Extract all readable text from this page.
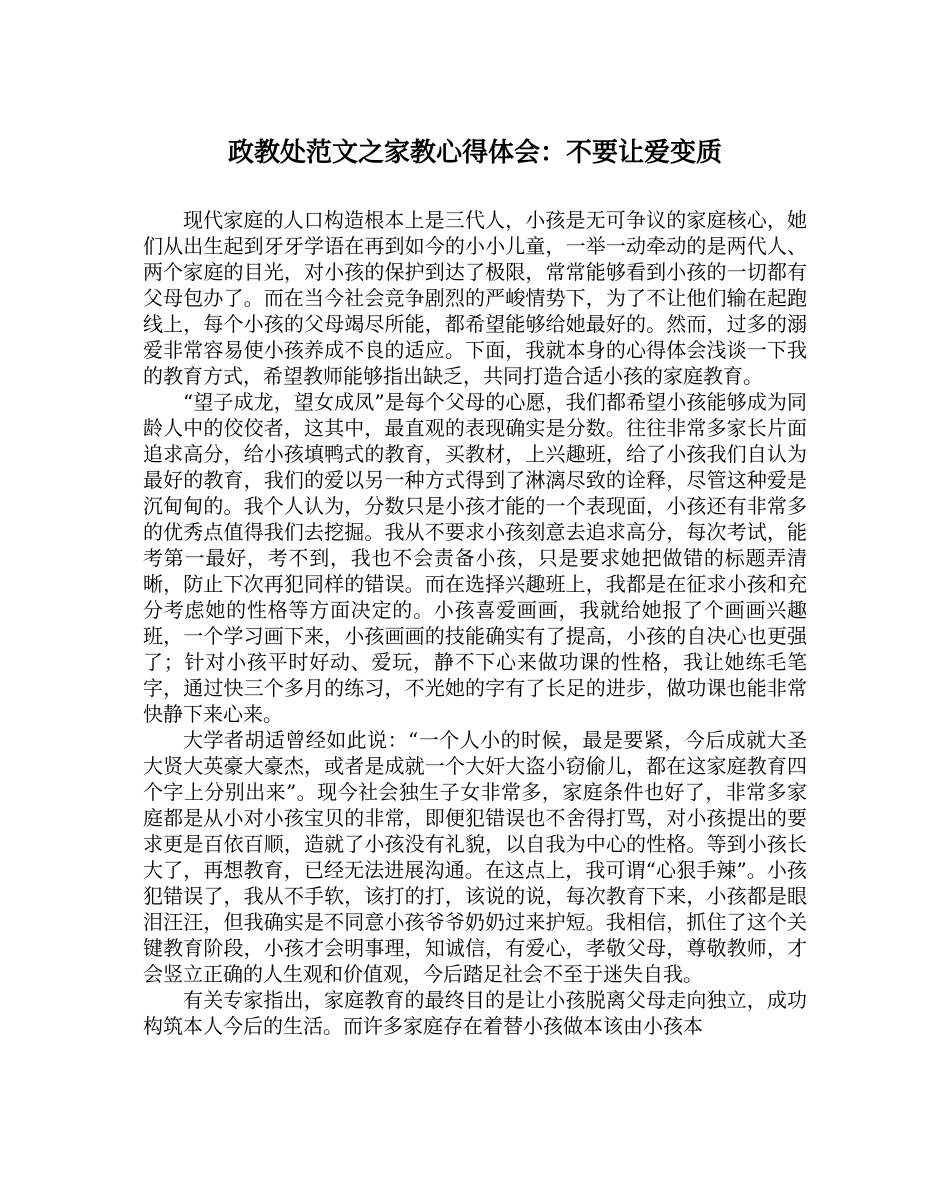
政教处范文之家教心得体会：不要让爱变质

现代家庭的人口构造根本上是三代人，小孩是无可争议的家庭核心，她们从出生起到牙牙学语在再到如今的小小儿童，一举一动牵动的是两代人、两个家庭的目光，对小孩的保护到达了极限，常常能够看到小孩的一切都有父母包办了。而在当今社会竞争剧烈的严峻情势下，为了不让他们输在起跑线上，每个小孩的父母竭尽所能，都希望能够给她最好的。然而，过多的溺爱非常容易使小孩养成不良的适应。下面，我就本身的心得体会浅谈一下我的教育方式，希望教师能够指出缺乏，共同打造合适小孩的家庭教育。

“望子成龙，望女成凤”是每个父母的心愿，我们都希望小孩能够成为同龄人中的佼佼者，这其中，最直观的表现确实是分数。往往非常多家长片面追求高分，给小孩填鸭式的教育，买教材，上兴趣班，给了小孩我们自认为最好的教育，我们的爱以另一种方式得到了淋漓尽致的诠释，尽管这种爱是沉甸甸的。我个人认为，分数只是小孩才能的一个表现面，小孩还有非常多的优秀点值得我们去挖掘。我从不要求小孩刻意去追求高分，每次考试，能考第一最好，考不到，我也不会责备小孩，只是要求她把做错的标题弄清晰，防止下次再犯同样的错误。而在选择兴趣班上，我都是在征求小孩和充分考虑她的性格等方面决定的。小孩喜爱画画，我就给她报了个画画兴趣班，一个学习画下来，小孩画画的技能确实有了提高，小孩的自决心也更强了；针对小孩平时好动、爱玩，静不下心来做功课的性格，我让她练毛笔字，通过快三个多月的练习，不光她的字有了长足的进步，做功课也能非常快静下来心来。

大学者胡适曾经如此说：“一个人小的时候，最是要紧，今后成就大圣大贤大英豪大豪杰，或者是成就一个大奸大盗小窃偷儿，都在这家庭教育四个字上分别出来”。现今社会独生子女非常多，家庭条件也好了，非常多家庭都是从小对小孩宝贝的非常，即便犯错误也不舍得打骂，对小孩提出的要求更是百依百顺，造就了小孩没有礼貌，以自我为中心的性格。等到小孩长大了，再想教育，已经无法进展沟通。在这点上，我可谓“心狠手辣”。小孩犯错误了，我从不手软，该打的打，该说的说，每次教育下来，小孩都是眼泪汪汪，但我确实是不同意小孩爷爷奶奶过来护短。我相信，抓住了这个关键教育阶段，小孩才会明事理，知诚信，有爱心，孝敬父母，尊敬教师，才会竖立正确的人生观和价值观，今后踏足社会不至于迷失自我。

有关专家指出，家庭教育的最终目的是让小孩脱离父母走向独立，成功构筑本人今后的生活。而许多家庭存在着替小孩做本该由小孩本
